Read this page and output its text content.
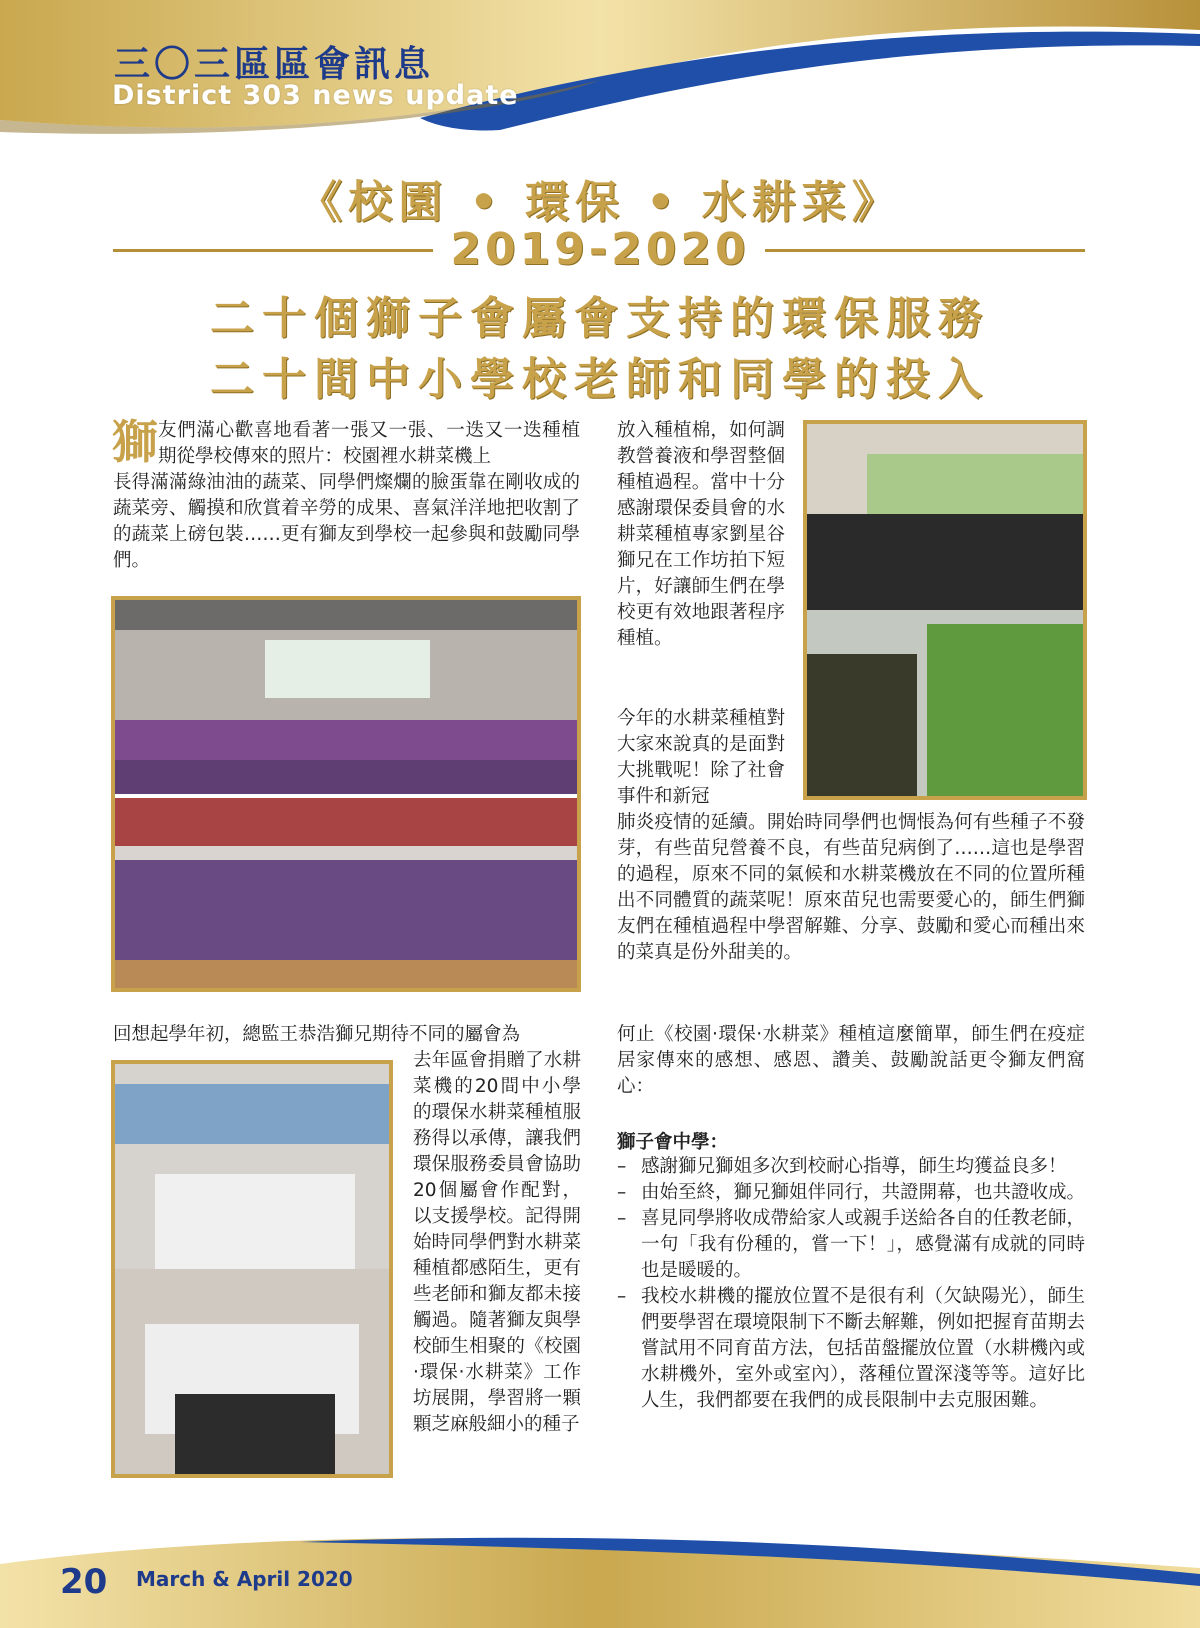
三〇三區區會訊息
District 303 news update
《校園 • 環保 • 水耕菜》
2019-2020
二十個獅子會屬會支持的環保服務
二十間中小學校老師和同學的投入
獅 友們滿心歡喜地看著一張又一張、一迭又一迭種植期從學校傳來的照片：校園裡水耕菜機上
長得滿滿綠油油的蔬菜、同學們燦爛的臉蛋靠在剛收成的蔬菜旁、觸摸和欣賞着辛勞的成果、喜氣洋洋地把收割了的蔬菜上磅包裝……更有獅友到學校一起參與和鼓勵同學們。
放入種植棉，如何調教營養液和學習整個種植過程。當中十分感謝環保委員會的水耕菜種植專家劉星谷獅兄在工作坊拍下短片，好讓師生們在學校更有效地跟著程序種植。
今年的水耕菜種植對大家來說真的是面對大挑戰呢！除了社會事件和新冠
肺炎疫情的延續。開始時同學們也惆悵為何有些種子不發芽，有些苗兒營養不良，有些苗兒病倒了……這也是學習的過程，原來不同的氣候和水耕菜機放在不同的位置所種出不同體質的蔬菜呢！原來苗兒也需要愛心的，師生們獅友們在種植過程中學習解難、分享、鼓勵和愛心而種出來的菜真是份外甜美的。
回想起學年初，總監王恭浩獅兄期待不同的屬會為
去年區會捐贈了水耕菜機的20間中小學的環保水耕菜種植服務得以承傳，讓我們環保服務委員會協助20個屬會作配對，以支援學校。記得開始時同學們對水耕菜種植都感陌生，更有些老師和獅友都未接觸過。隨著獅友與學校師生相聚的《校園·環保·水耕菜》工作坊展開，學習將一顆顆芝麻般細小的種子
何止《校園·環保·水耕菜》種植這麼簡單，師生們在疫症居家傳來的感想、感恩、讚美、鼓勵說話更令獅友們窩心：
獅子會中學：
– 感謝獅兄獅姐多次到校耐心指導，師生均獲益良多！
– 由始至終，獅兄獅姐伴同行，共證開幕，也共證收成。
– 喜見同學將收成帶給家人或親手送給各自的任教老師，一句「我有份種的，嘗一下！」，感覺滿有成就的同時也是暖暖的。
– 我校水耕機的擺放位置不是很有利（欠缺陽光），師生們要學習在環境限制下不斷去解難，例如把握育苗期去嘗試用不同育苗方法，包括苗盤擺放位置（水耕機內或水耕機外，室外或室內），落種位置深淺等等。這好比人生，我們都要在我們的成長限制中去克服困難。
20 March & April 2020
